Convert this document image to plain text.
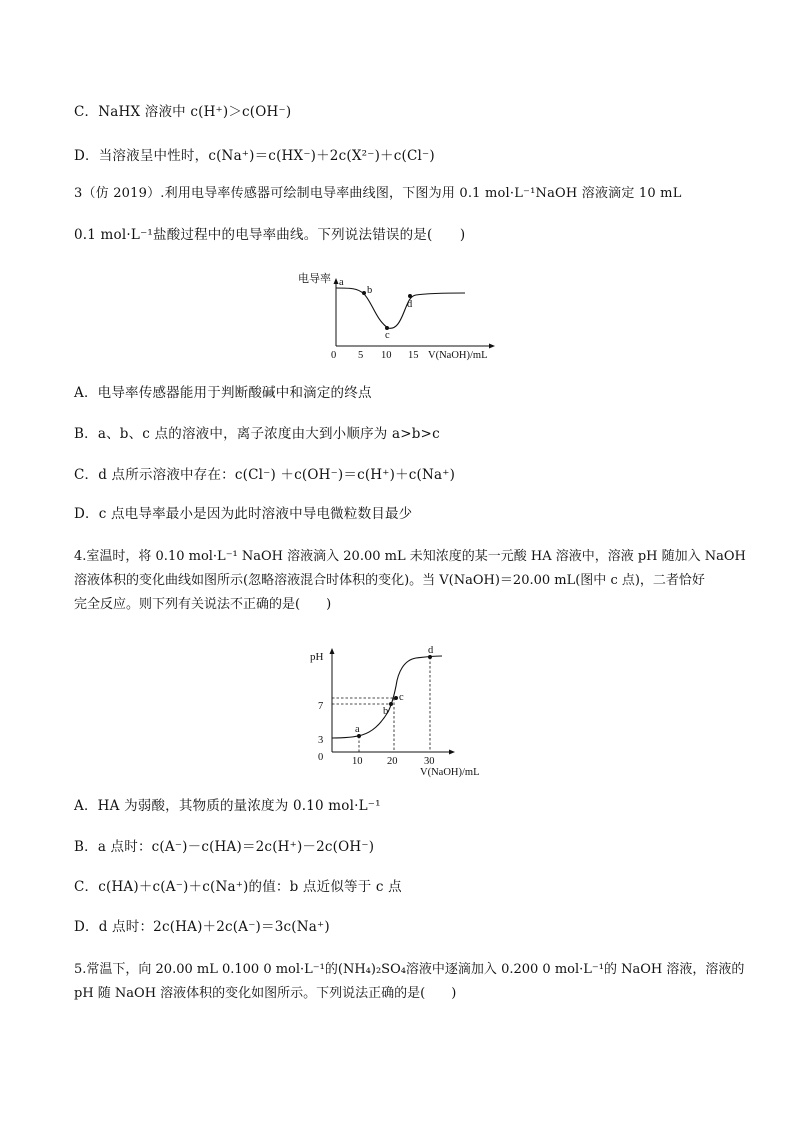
C．NaHX 溶液中 c(H⁺)＞c(OH⁻)
D．当溶液呈中性时，c(Na⁺)＝c(HX⁻)＋2c(X²⁻)＋c(Cl⁻)
3（仿 2019）.利用电导率传感器可绘制电导率曲线图，下图为用 0.1 mol·L⁻¹NaOH 溶液滴定 10 mL
0.1 mol·L⁻¹盐酸过程中的电导率曲线。下列说法错误的是(　　)
电导率
V(NaOH)/mL
0 5 10 15
a
b
c
d
A．电导率传感器能用于判断酸碱中和滴定的终点
B．a、b、c 点的溶液中，离子浓度由大到小顺序为 a>b>c
C．d 点所示溶液中存在：c(Cl⁻) ＋c(OH⁻)＝c(H⁺)＋c(Na⁺)
D．c 点电导率最小是因为此时溶液中导电微粒数目最少
4.室温时，将 0.10 mol·L⁻¹ NaOH 溶液滴入 20.00 mL 未知浓度的某一元酸 HA 溶液中，溶液 pH 随加入 NaOH
溶液体积的变化曲线如图所示(忽略溶液混合时体积的变化)。当 V(NaOH)＝20.00 mL(图中 c 点)，二者恰好
完全反应。则下列有关说法不正确的是(　　)
pH
0
3
7
10 20	30
V(NaOH)/mL
a
b
c
d
A．HA 为弱酸，其物质的量浓度为 0.10 mol·L⁻¹
B．a 点时：c(A⁻)－c(HA)＝2c(H⁺)－2c(OH⁻)
C．c(HA)＋c(A⁻)＋c(Na⁺)的值：b 点近似等于 c 点
D．d 点时：2c(HA)＋2c(A⁻)＝3c(Na⁺)
5.常温下，向 20.00 mL 0.100 0 mol·L⁻¹的(NH₄)₂SO₄溶液中逐滴加入 0.200 0 mol·L⁻¹的 NaOH 溶液，溶液的
pH 随 NaOH 溶液体积的变化如图所示。下列说法正确的是(　　)
